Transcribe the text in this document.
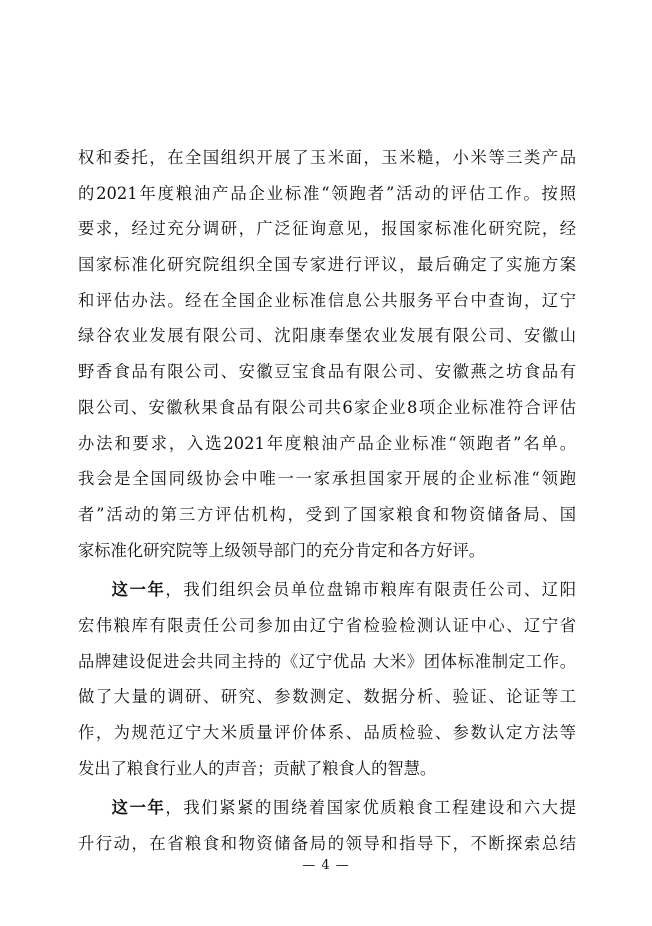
权和委托，在全国组织开展了玉米面，玉米糙，小米等三类产品
的2021年度粮油产品企业标准“领跑者”活动的评估工作。按照
要求，经过充分调研，广泛征询意见，报国家标准化研究院，经
国家标准化研究院组织全国专家进行评议，最后确定了实施方案
和评估办法。经在全国企业标准信息公共服务平台中查询，辽宁
绿谷农业发展有限公司、沈阳康奉堡农业发展有限公司、安徽山
野香食品有限公司、安徽豆宝食品有限公司、安徽燕之坊食品有
限公司、安徽秋果食品有限公司共6家企业8项企业标准符合评估
办法和要求，入选2021年度粮油产品企业标准“领跑者”名单。
我会是全国同级协会中唯一一家承担国家开展的企业标准“领跑
者”活动的第三方评估机构，受到了国家粮食和物资储备局、国
家标准化研究院等上级领导部门的充分肯定和各方好评。
这一年，我们组织会员单位盘锦市粮库有限责任公司、辽阳
宏伟粮库有限责任公司参加由辽宁省检验检测认证中心、辽宁省
品牌建设促进会共同主持的《辽宁优品 大米》团体标准制定工作。
做了大量的调研、研究、参数测定、数据分析、验证、论证等工
作，为规范辽宁大米质量评价体系、品质检验、参数认定方法等
发出了粮食行业人的声音；贡献了粮食人的智慧。
这一年，我们紧紧的围绕着国家优质粮食工程建设和六大提
升行动，在省粮食和物资储备局的领导和指导下，不断探索总结
— 4 —
